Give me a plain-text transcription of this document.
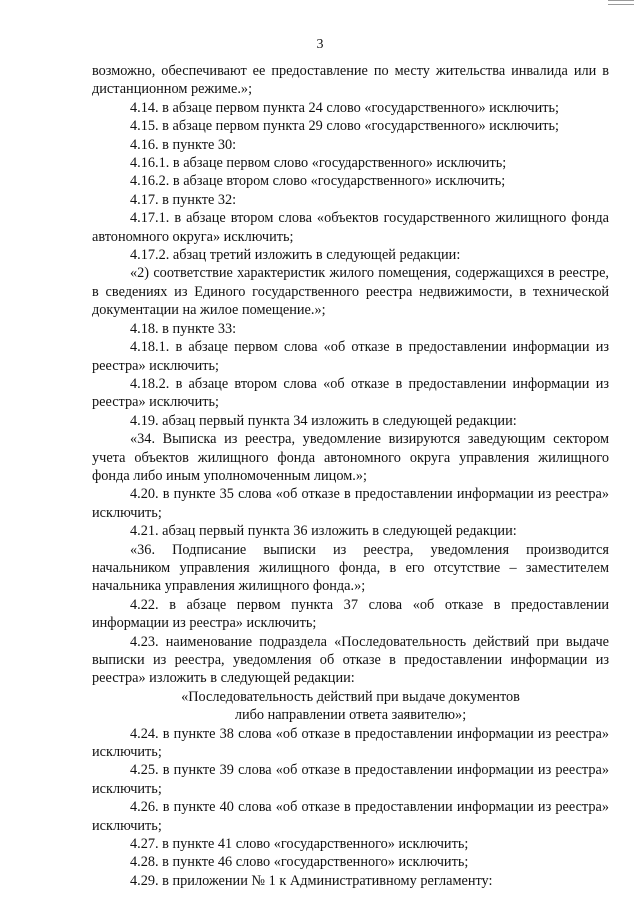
3

возможно, обеспечивают ее предоставление по месту жительства инвалида или в дистанционном режиме.»;

4.14. в абзаце первом пункта 24 слово «государственного» исключить;

4.15. в абзаце первом пункта 29 слово «государственного» исключить;

4.16. в пункте 30:

4.16.1. в абзаце первом слово «государственного» исключить;

4.16.2. в абзаце втором слово «государственного» исключить;

4.17. в пункте 32:

4.17.1. в абзаце втором слова «объектов государственного жилищного фонда автономного округа» исключить;

4.17.2. абзац третий изложить в следующей редакции:

«2) соответствие характеристик жилого помещения, содержащихся в реестре, в сведениях из Единого государственного реестра недвижимости, в технической документации на жилое помещение.»;

4.18. в пункте 33:

4.18.1. в абзаце первом слова «об отказе в предоставлении информации из реестра» исключить;

4.18.2. в абзаце втором слова «об отказе в предоставлении информации из реестра» исключить;

4.19. абзац первый пункта 34 изложить в следующей редакции:

«34. Выписка из реестра, уведомление визируются заведующим сектором учета объектов жилищного фонда автономного округа управления жилищного фонда либо иным уполномоченным лицом.»;

4.20. в пункте 35 слова «об отказе в предоставлении информации из реестра» исключить;

4.21. абзац первый пункта 36 изложить в следующей редакции:

«36. Подписание выписки из реестра, уведомления производится начальником управления жилищного фонда, в его отсутствие – заместителем начальника управления жилищного фонда.»;

4.22. в абзаце первом пункта 37 слова «об отказе в предоставлении информации из реестра» исключить;

4.23. наименование подраздела «Последовательность действий при выдаче выписки из реестра, уведомления об отказе в предоставлении информации из реестра» изложить в следующей редакции:

«Последовательность действий при выдаче документов

либо направлении ответа заявителю»;

4.24. в пункте 38 слова «об отказе в предоставлении информации из реестра» исключить;

4.25. в пункте 39 слова «об отказе в предоставлении информации из реестра» исключить;

4.26. в пункте 40 слова «об отказе в предоставлении информации из реестра» исключить;

4.27. в пункте 41 слово «государственного» исключить;

4.28. в пункте 46 слово «государственного» исключить;

4.29. в приложении № 1 к Административному регламенту:
